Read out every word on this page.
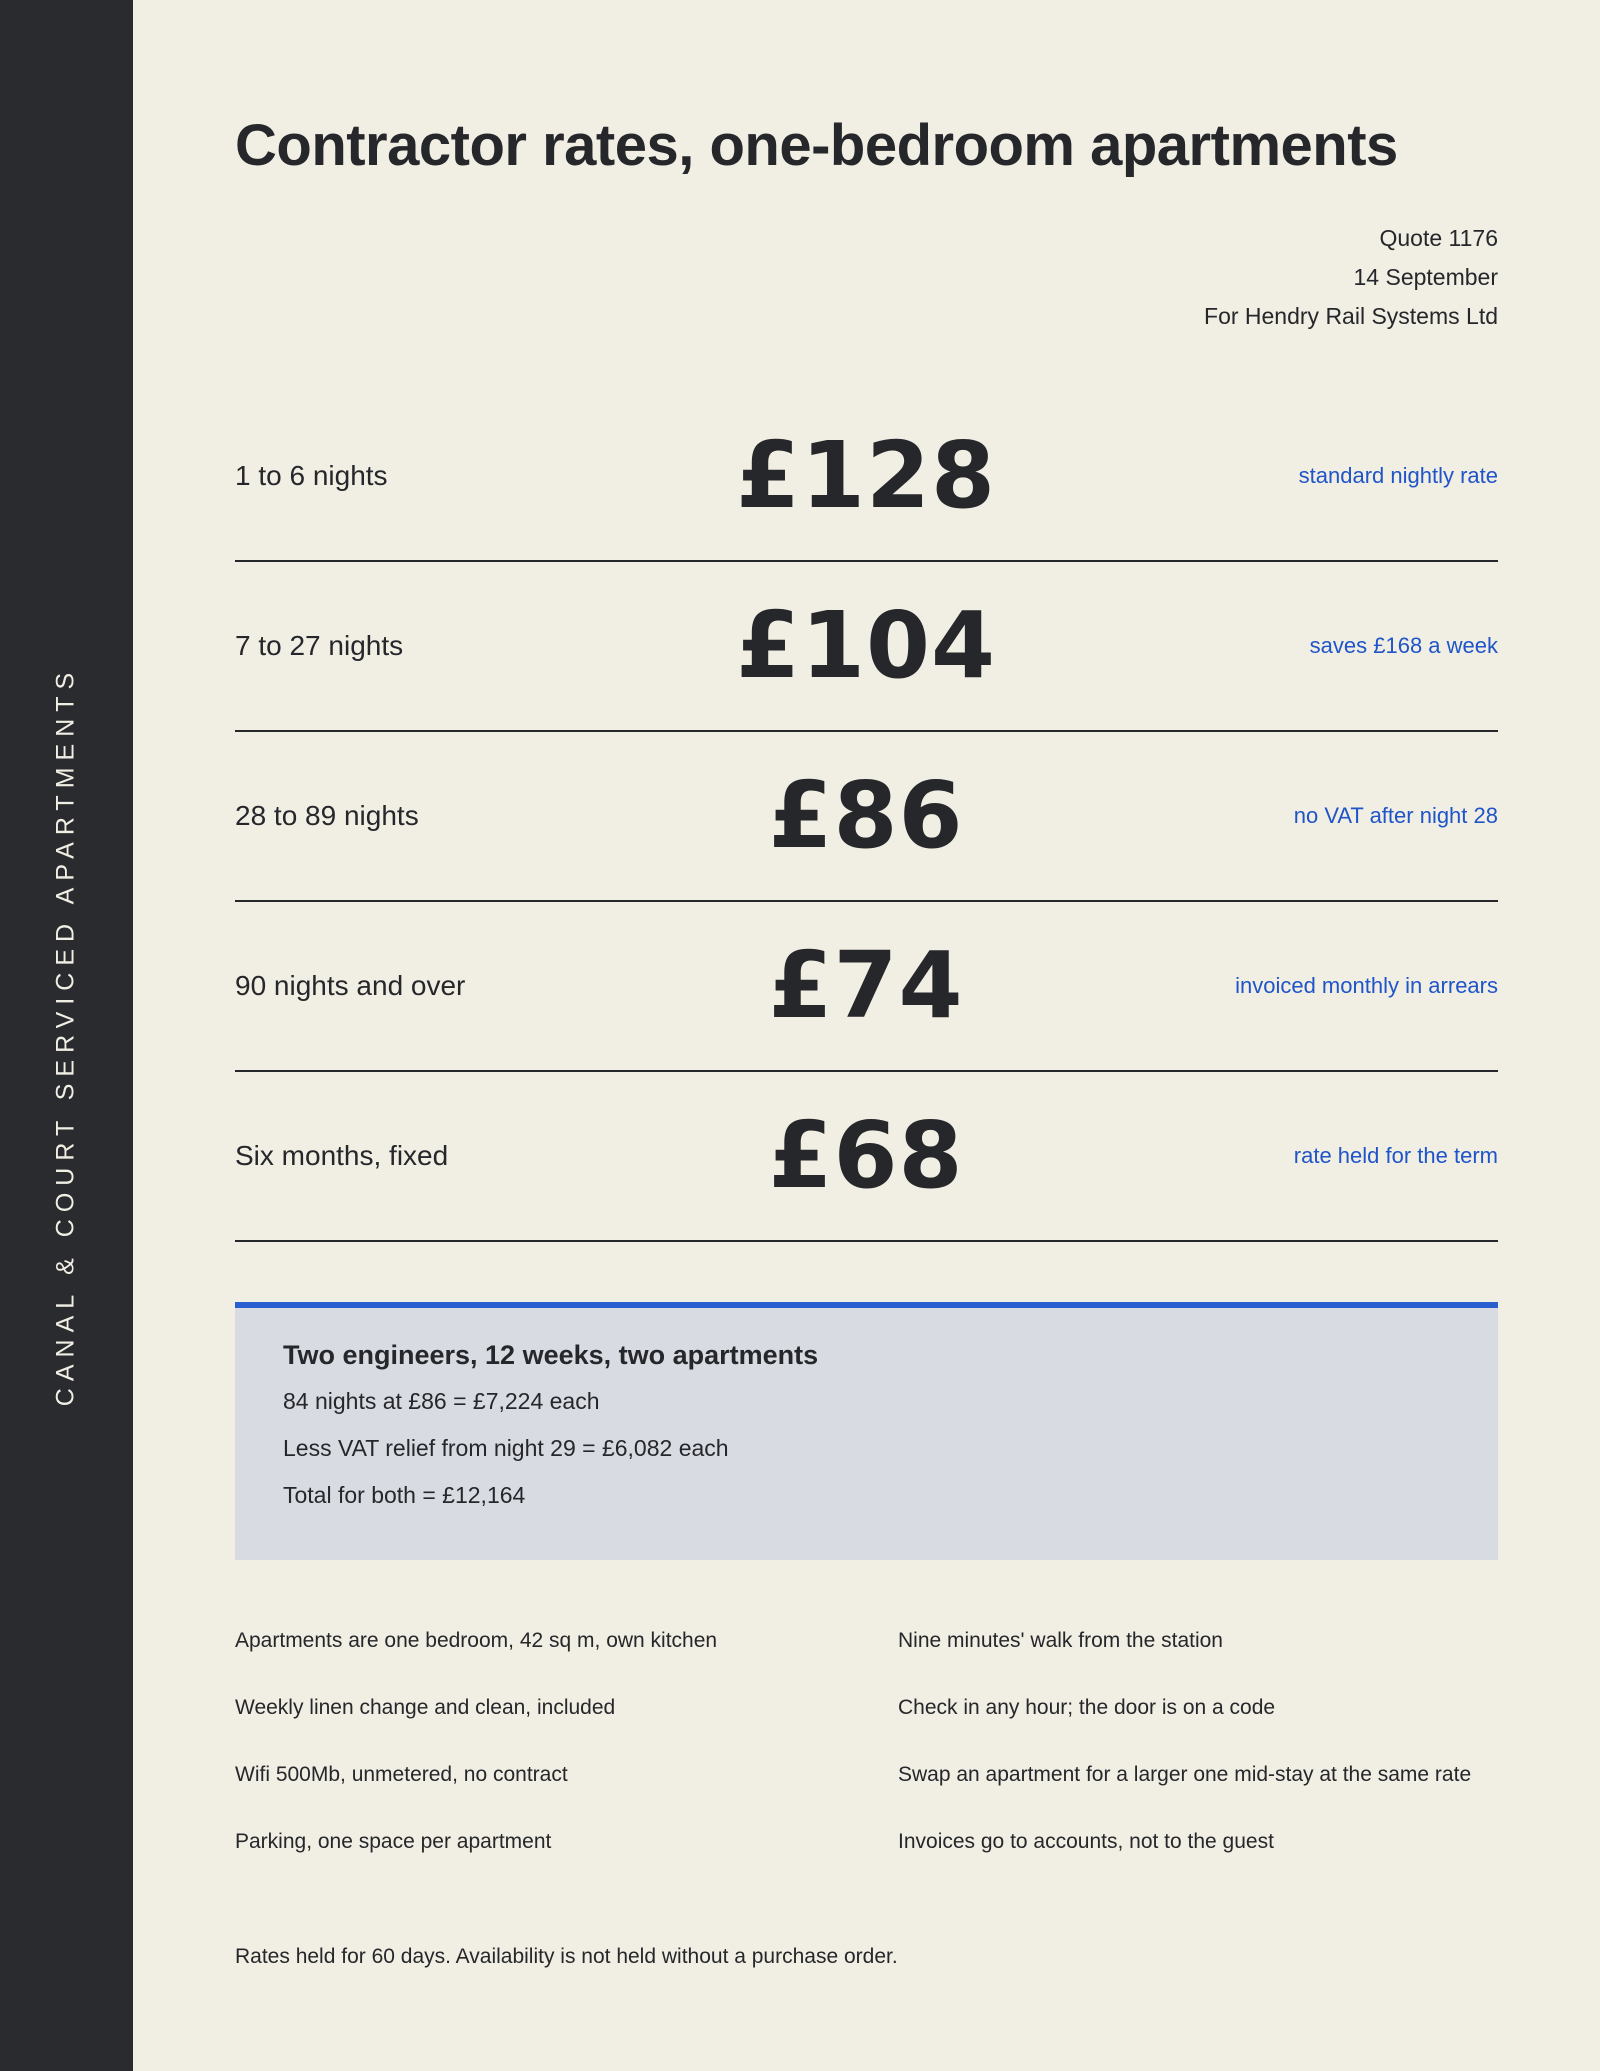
CANAL & COURT SERVICED APARTMENTS
Contractor rates, one-bedroom apartments
Quote 1176
14 September
For Hendry Rail Systems Ltd
1 to 6 nights	£128	standard nightly rate
7 to 27 nights	£104	saves £168 a week
28 to 89 nights	£86	no VAT after night 28
90 nights and over	£74	invoiced monthly in arrears
Six months, fixed	£68	rate held for the term
Two engineers, 12 weeks, two apartments
84 nights at £86 = £7,224 each
Less VAT relief from night 29 = £6,082 each
Total for both = £12,164
Apartments are one bedroom, 42 sq m, own kitchen	Nine minutes' walk from the station
Weekly linen change and clean, included	Check in any hour; the door is on a code
Wifi 500Mb, unmetered, no contract	Swap an apartment for a larger one mid-stay at the same rate
Parking, one space per apartment	Invoices go to accounts, not to the guest
Rates held for 60 days. Availability is not held without a purchase order.
